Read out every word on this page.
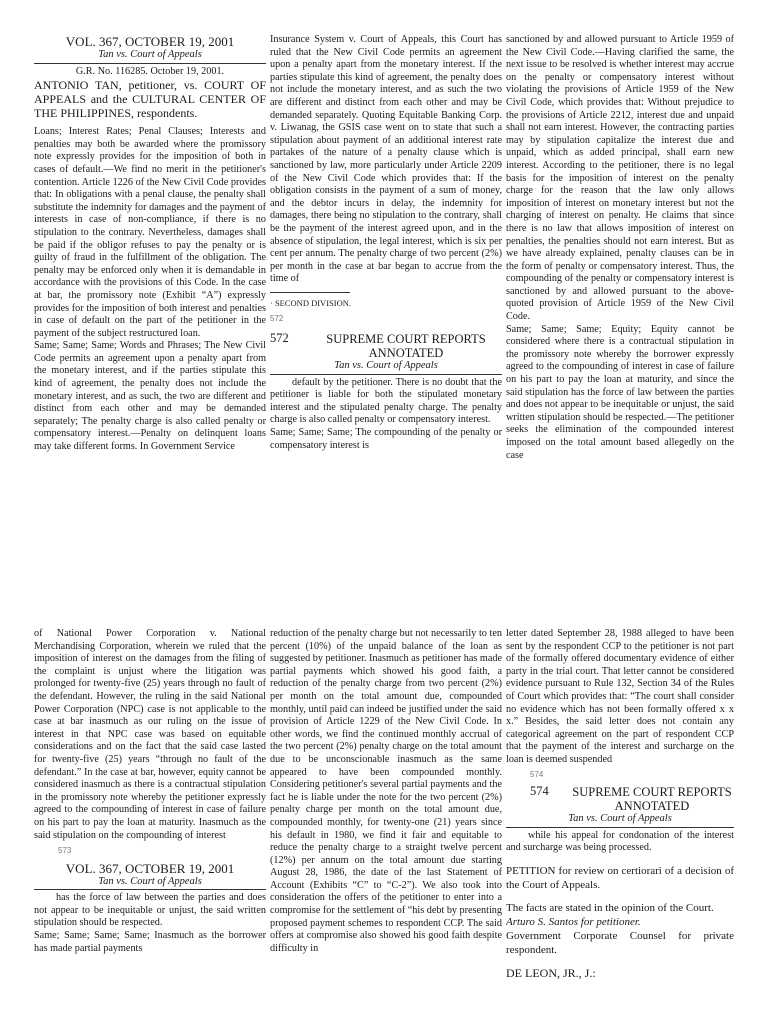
VOL. 367, OCTOBER 19, 2001
Tan vs. Court of Appeals

G.R. No. 116285. October 19, 2001.

ANTONIO TAN, petitioner, vs. COURT OF APPEALS and the CULTURAL CENTER OF THE PHILIPPINES, respondents.

Loans; Interest Rates; Penal Clauses; Interests and penalties may both be awarded where the promissory note expressly provides for the imposition of both in cases of default.—We find no merit in the petitioner's contention. Article 1226 of the New Civil Code provides that: In obligations with a penal clause, the penalty shall substitute the indemnity for damages and the payment of interests in case of non-compliance, if there is no stipulation to the contrary. Nevertheless, damages shall be paid if the obligor refuses to pay the penalty or is guilty of fraud in the fulfillment of the obligation. The penalty may be enforced only when it is demandable in accordance with the provisions of this Code. In the case at bar, the promissory note (Exhibit “A”) expressly provides for the imposition of both interest and penalties in case of default on the part of the petitioner in the payment of the subject restructured loan.

Same; Same; Same; Words and Phrases; The New Civil Code permits an agreement upon a penalty apart from the monetary interest, and if the parties stipulate this kind of agreement, the penalty does not include the monetary interest, and as such, the two are different and distinct from each other and may be demanded separately; The penalty charge is also called penalty or compensatory interest.—Penalty on delinquent loans may take different forms. In Government Service

Insurance System v. Court of Appeals, this Court has ruled that the New Civil Code permits an agreement upon a penalty apart from the monetary interest. If the parties stipulate this kind of agreement, the penalty does not include the monetary interest, and as such the two are different and distinct from each other and may be demanded separately. Quoting Equitable Banking Corp. v. Liwanag, the GSIS case went on to state that such a stipulation about payment of an additional interest rate partakes of the nature of a penalty clause which is sanctioned by law, more particularly under Article 2209 of the New Civil Code which provides that: If the obligation consists in the payment of a sum of money, and the debtor incurs in delay, the indemnity for damages, there being no stipulation to the contrary, shall be the payment of the interest agreed upon, and in the absence of stipulation, the legal interest, which is six per cent per annum. The penalty charge of two percent (2%) per month in the case at bar began to accrue from the time of

· SECOND DIVISION.

572

572	SUPREME COURT REPORTS ANNOTATED
Tan vs. Court of Appeals

default by the petitioner. There is no doubt that the petitioner is liable for both the stipulated monetary interest and the stipulated penalty charge. The penalty charge is also called penalty or compensatory interest.

Same; Same; Same; The compounding of the penalty or compensatory interest is

sanctioned by and allowed pursuant to Article 1959 of the New Civil Code.—Having clarified the same, the next issue to be resolved is whether interest may accrue on the penalty or compensatory interest without violating the provisions of Article 1959 of the New Civil Code, which provides that: Without prejudice to the provisions of Article 2212, interest due and unpaid shall not earn interest. However, the contracting parties may by stipulation capitalize the interest due and unpaid, which as added principal, shall earn new interest. According to the petitioner, there is no legal basis for the imposition of interest on the penalty charge for the reason that the law only allows imposition of interest on monetary interest but not the charging of interest on penalty. He claims that since there is no law that allows imposition of interest on penalties, the penalties should not earn interest. But as we have already explained, penalty clauses can be in the form of penalty or compensatory interest. Thus, the compounding of the penalty or compensatory interest is sanctioned by and allowed pursuant to the above-quoted provision of Article 1959 of the New Civil Code.

Same; Same; Same; Equity; Equity cannot be considered where there is a contractual stipulation in the promissory note whereby the borrower expressly agreed to the compounding of interest in case of failure on his part to pay the loan at maturity, and since the said stipulation has the force of law between the parties and does not appear to be inequitable or unjust, the said written stipulation should be respected.—The petitioner seeks the elimination of the compounded interest imposed on the total amount based allegedly on the case

of National Power Corporation v. National Merchandising Corporation, wherein we ruled that the imposition of interest on the damages from the filing of the complaint is unjust where the litigation was prolonged for twenty-five (25) years through no fault of the defendant. However, the ruling in the said National Power Corporation (NPC) case is not applicable to the case at bar inasmuch as our ruling on the issue of interest in that NPC case was based on equitable considerations and on the fact that the said case lasted for twenty-five (25) years “through no fault of the defendant.” In the case at bar, however, equity cannot be considered inasmuch as there is a contractual stipulation in the promissory note whereby the petitioner expressly agreed to the compounding of interest in case of failure on his part to pay the loan at maturity. Inasmuch as the said stipulation on the compounding of interest

573

VOL. 367, OCTOBER 19, 2001
Tan vs. Court of Appeals

has the force of law between the parties and does not appear to be inequitable or unjust, the said written stipulation should be respected.

Same; Same; Same; Same; Inasmuch as the borrower has made partial payments

reduction of the penalty charge but not necessarily to ten percent (10%) of the unpaid balance of the loan as suggested by petitioner. Inasmuch as petitioner has made partial payments which showed his good faith, a reduction of the penalty charge from two percent (2%) per month on the total amount due, compounded monthly, until paid can indeed be justified under the said provision of Article 1229 of the New Civil Code. In other words, we find the continued monthly accrual of the two percent (2%) penalty charge on the total amount due to be unconscionable inasmuch as the same appeared to have been compounded monthly. Considering petitioner's several partial payments and the fact he is liable under the note for the two percent (2%) penalty charge per month on the total amount due, compounded monthly, for twenty-one (21) years since his default in 1980, we find it fair and equitable to reduce the penalty charge to a straight twelve percent (12%) per annum on the total amount due starting August 28, 1986, the date of the last Statement of Account (Exhibits “C” to “C-2”). We also took into consideration the offers of the petitioner to enter into a compromise for the settlement of “his debt by presenting proposed payment schemes to respondent CCP. The said offers at compromise also showed his good faith despite difficulty in

letter dated September 28, 1988 alleged to have been sent by the respondent CCP to the petitioner is not part of the formally offered documentary evidence of either party in the trial court. That letter cannot be considered evidence pursuant to Rule 132, Section 34 of the Rules of Court which provides that: “The court shall consider no evidence which has not been formally offered x x x.” Besides, the said letter does not contain any categorical agreement on the part of respondent CCP that the payment of the interest and surcharge on the loan is deemed suspended

574

574	SUPREME COURT REPORTS ANNOTATED
Tan vs. Court of Appeals

while his appeal for condonation of the interest and surcharge was being processed.

PETITION for review on certiorari of a decision of the Court of Appeals.

The facts are stated in the opinion of the Court.

Arturo S. Santos for petitioner.

Government Corporate Counsel for private respondent.

DE LEON, JR., J.:
